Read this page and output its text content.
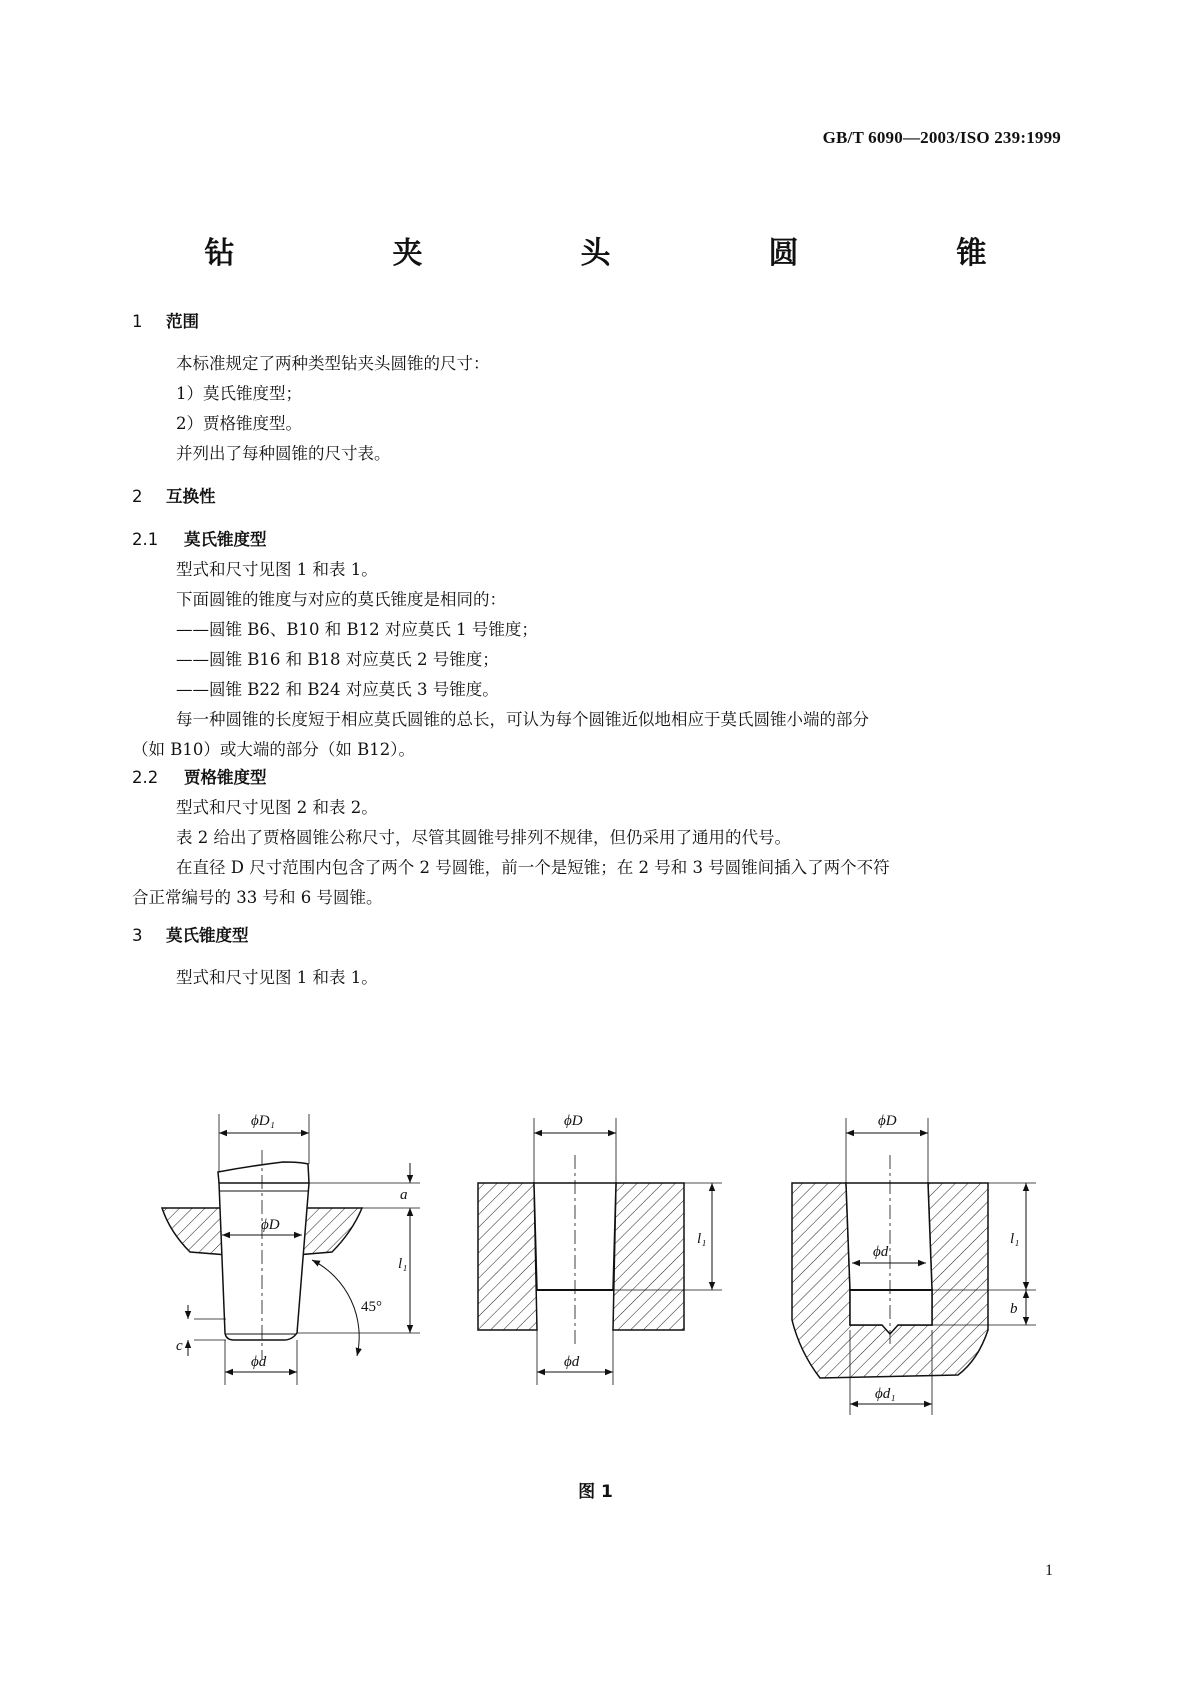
GB/T 6090—2003/ISO 239:1999
钻　夹　头　圆　锥
1 范围
本标准规定了两种类型钻夹头圆锥的尺寸：
1）莫氏锥度型；
2）贾格锥度型。
并列出了每种圆锥的尺寸表。
2 互换性
2.1 莫氏锥度型
型式和尺寸见图 1 和表 1。
下面圆锥的锥度与对应的莫氏锥度是相同的：
——圆锥 B6、B10 和 B12 对应莫氏 1 号锥度；
——圆锥 B16 和 B18 对应莫氏 2 号锥度；
——圆锥 B22 和 B24 对应莫氏 3 号锥度。
每一种圆锥的长度短于相应莫氏圆锥的总长，可认为每个圆锥近似地相应于莫氏圆锥小端的部分
（如 B10）或大端的部分（如 B12）。
2.2 贾格锥度型
型式和尺寸见图 2 和表 2。
表 2 给出了贾格圆锥公称尺寸，尽管其圆锥号排列不规律，但仍采用了通用的代号。
在直径 D 尺寸范围内包含了两个 2 号圆锥，前一个是短锥；在 2 号和 3 号圆锥间插入了两个不符
合正常编号的 33 号和 6 号圆锥。
3 莫氏锥度型
型式和尺寸见图 1 和表 1。
ϕD₁
ϕD
ϕd
a
l₁
c
45°
ϕD
ϕd
l₁
ϕD
ϕd
ϕd₁
l₁
b
图 1
1
